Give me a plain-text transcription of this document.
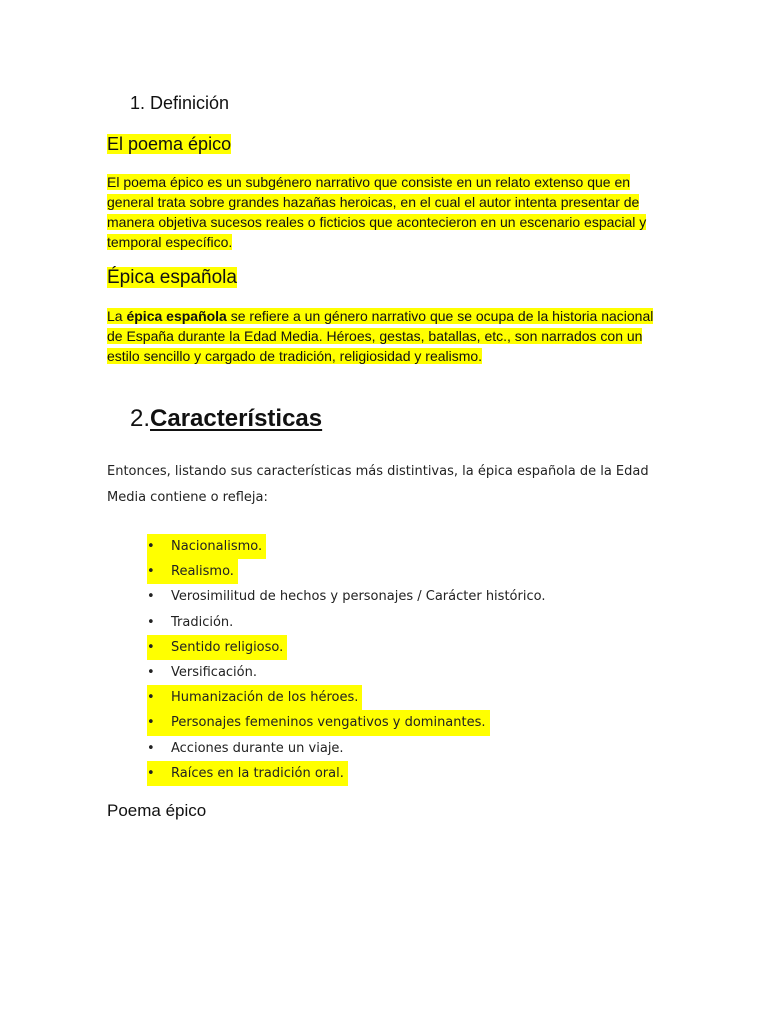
1. Definición
El poema épico
El poema épico es un subgénero narrativo que consiste en un relato extenso que en general trata sobre grandes hazañas heroicas, en el cual el autor intenta presentar de manera objetiva sucesos reales o ficticios que acontecieron en un escenario espacial y temporal específico.
Épica española
La épica española se refiere a un género narrativo que se ocupa de la historia nacional de España durante la Edad Media. Héroes, gestas, batallas, etc., son narrados con un estilo sencillo y cargado de tradición, religiosidad y realismo.
2.Características
Entonces, listando sus características más distintivas, la épica española de la Edad Media contiene o refleja:
•	Nacionalismo.
•	Realismo.
•	Verosimilitud de hechos y personajes / Carácter histórico.
•	Tradición.
•	Sentido religioso.
•	Versificación.
•	Humanización de los héroes.
•	Personajes femeninos vengativos y dominantes.
•	Acciones durante un viaje.
•	Raíces en la tradición oral.
Poema épico
